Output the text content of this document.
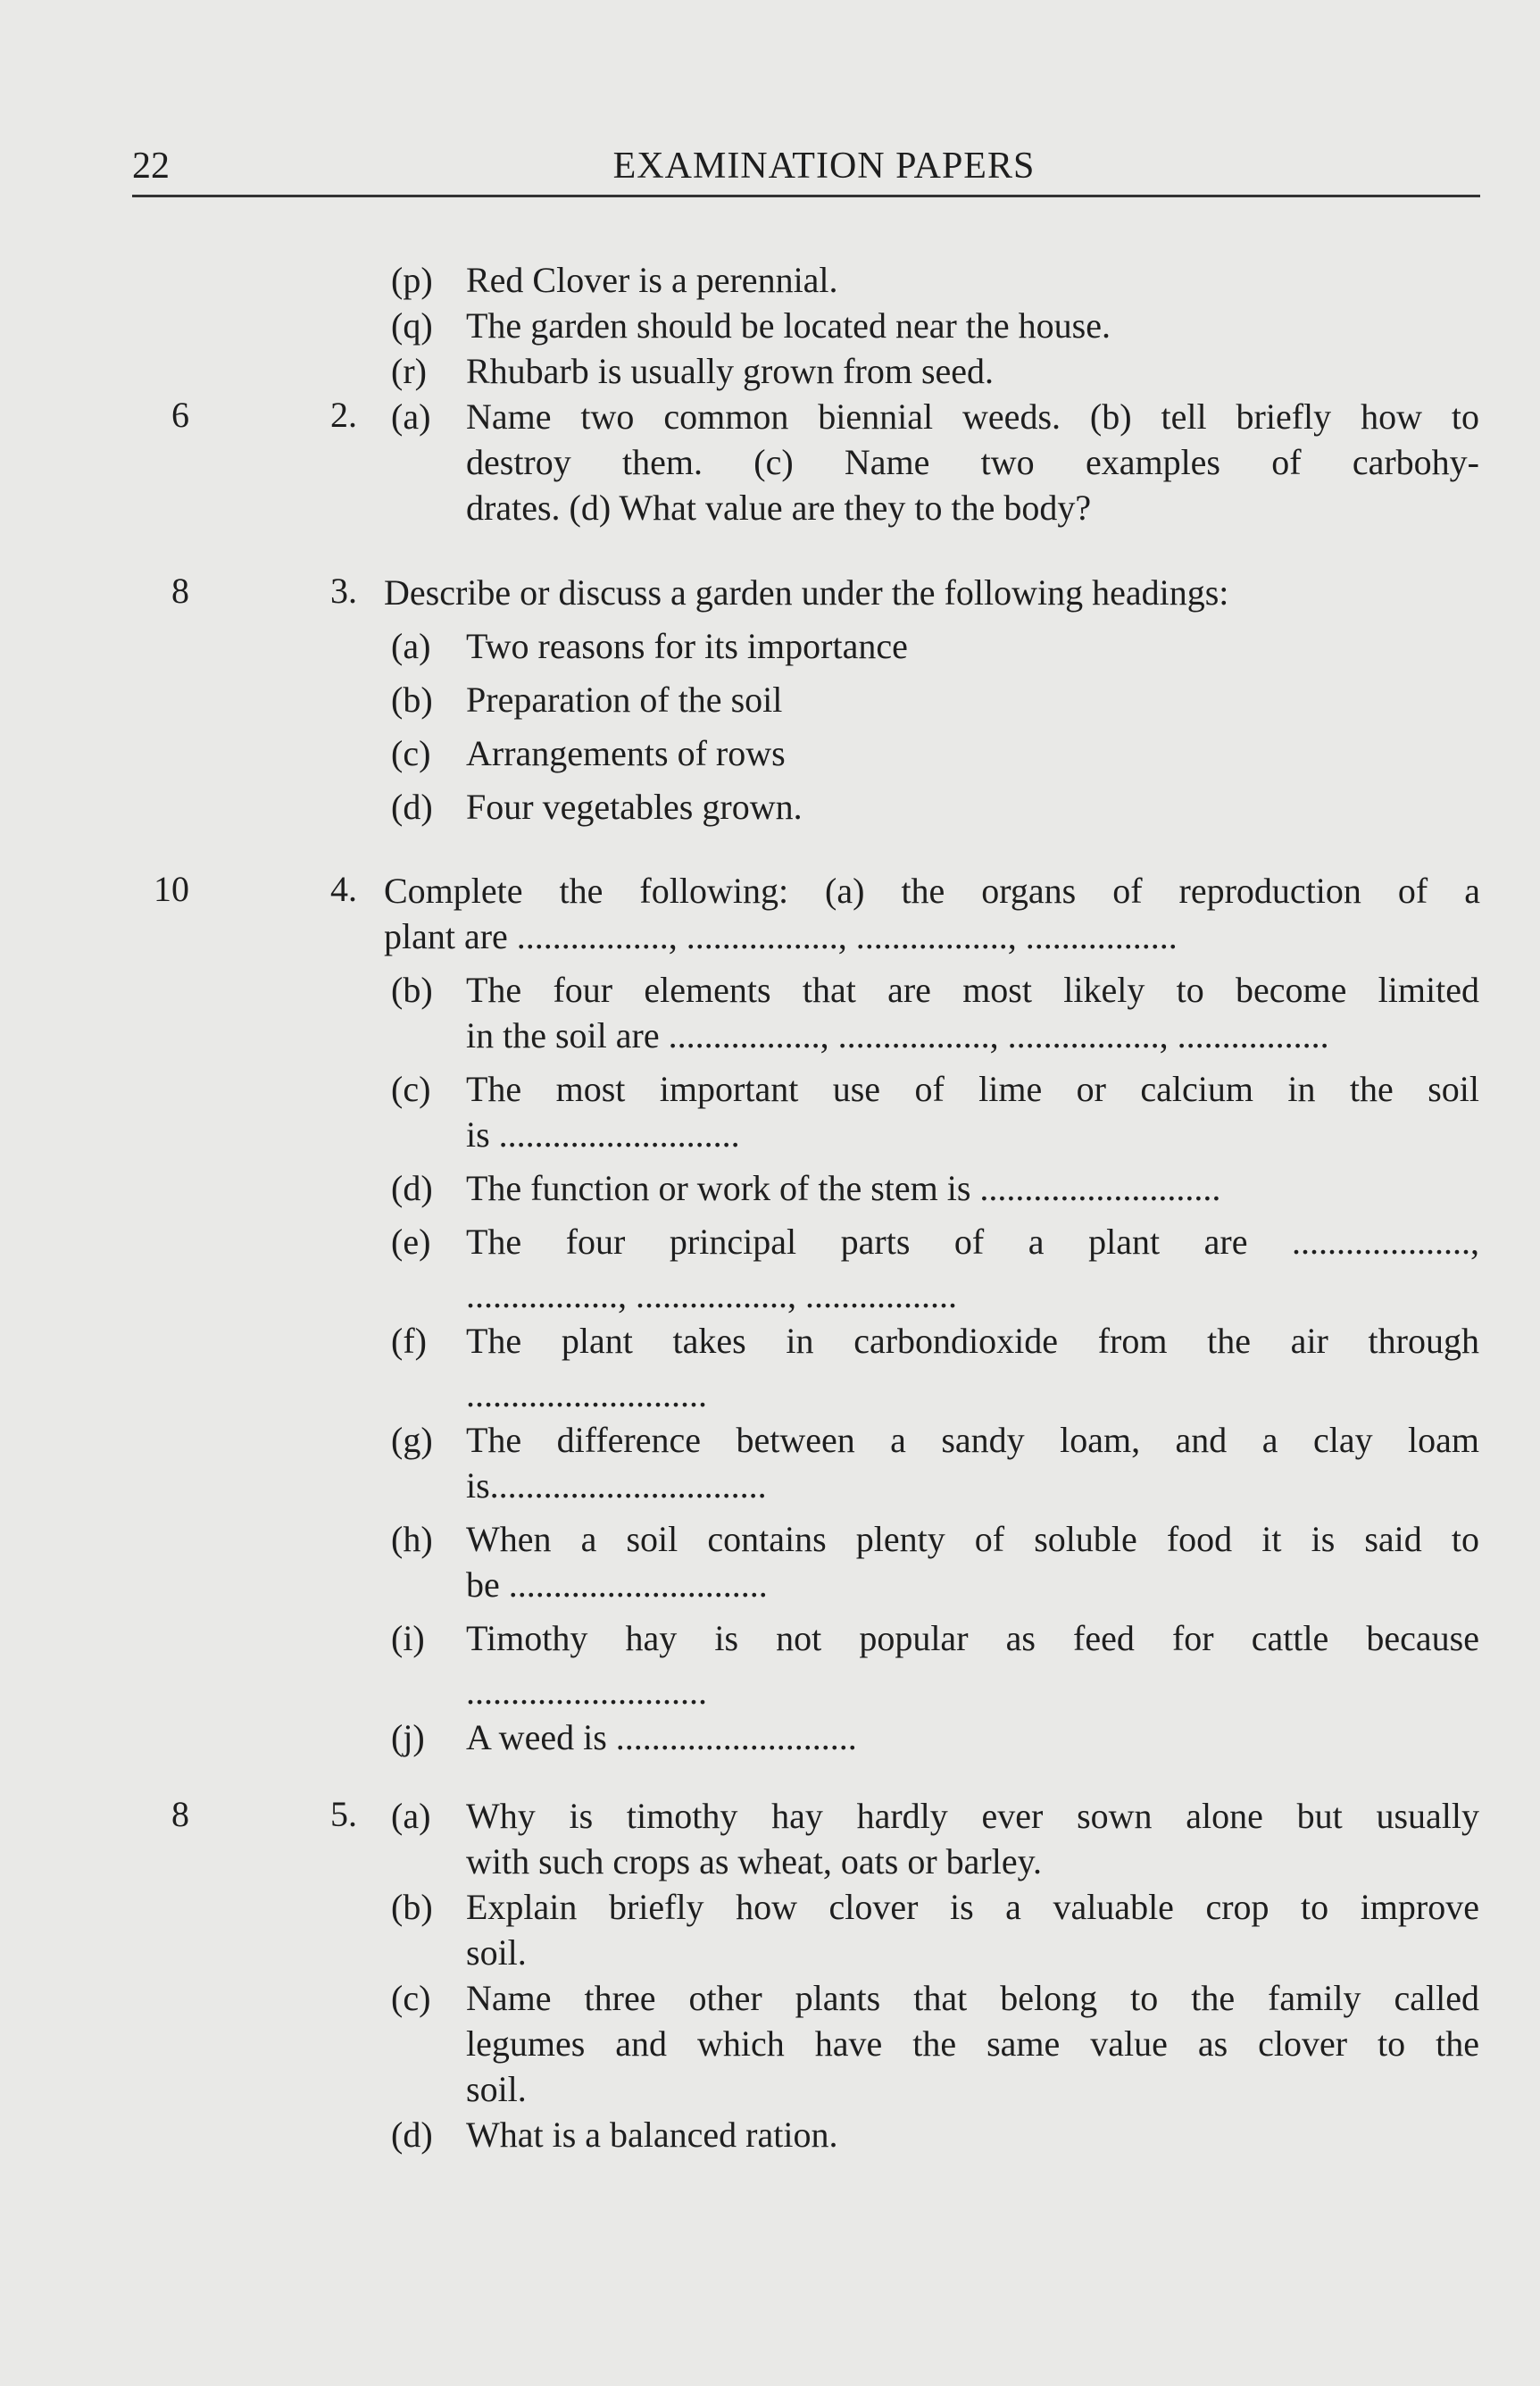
22	EXAMINATION PAPERS
(p) Red Clover is a perennial.
(q) The garden should be located near the house.
(r)	Rhubarb is usually grown from seed.
6	2. (a) Name two common biennial weeds. (b) tell briefly how to
destroy them. (c) Name two examples of carbohy-
drates. (d) What value are they to the body?
8	3. Describe or discuss a garden under the following headings:
(a) Two reasons for its importance
(b) Preparation of the soil
(c) Arrangements of rows
(d) Four vegetables grown.
10	4. Complete the following: (a) the organs of reproduction of a
plant are ................., ................., ................., .................
(b) The four elements that are most likely to become limited
in the soil are ................., ................., ................., .................
(c) The most important use of lime or calcium in the soil
is ...........................
(d) The function or work of the stem is ...........................
(e) The four principal parts of a plant are ....................,
................., ................., .................
(f)	The plant takes in carbondioxide from the air through
...........................
(g) The difference between a sandy loam, and a clay loam
is...............................
(h) When a soil contains plenty of soluble food it is said to
be .............................
(i)	Timothy hay is not popular as feed for cattle because
...........................
(j)	A weed is ...........................
8	5. (a) Why is timothy hay hardly ever sown alone but usually
with such crops as wheat, oats or barley.
(b) Explain briefly how clover is a valuable crop to improve
soil.
(c) Name three other plants that belong to the family called
legumes and which have the same value as clover to the
soil.
(d) What is a balanced ration.
